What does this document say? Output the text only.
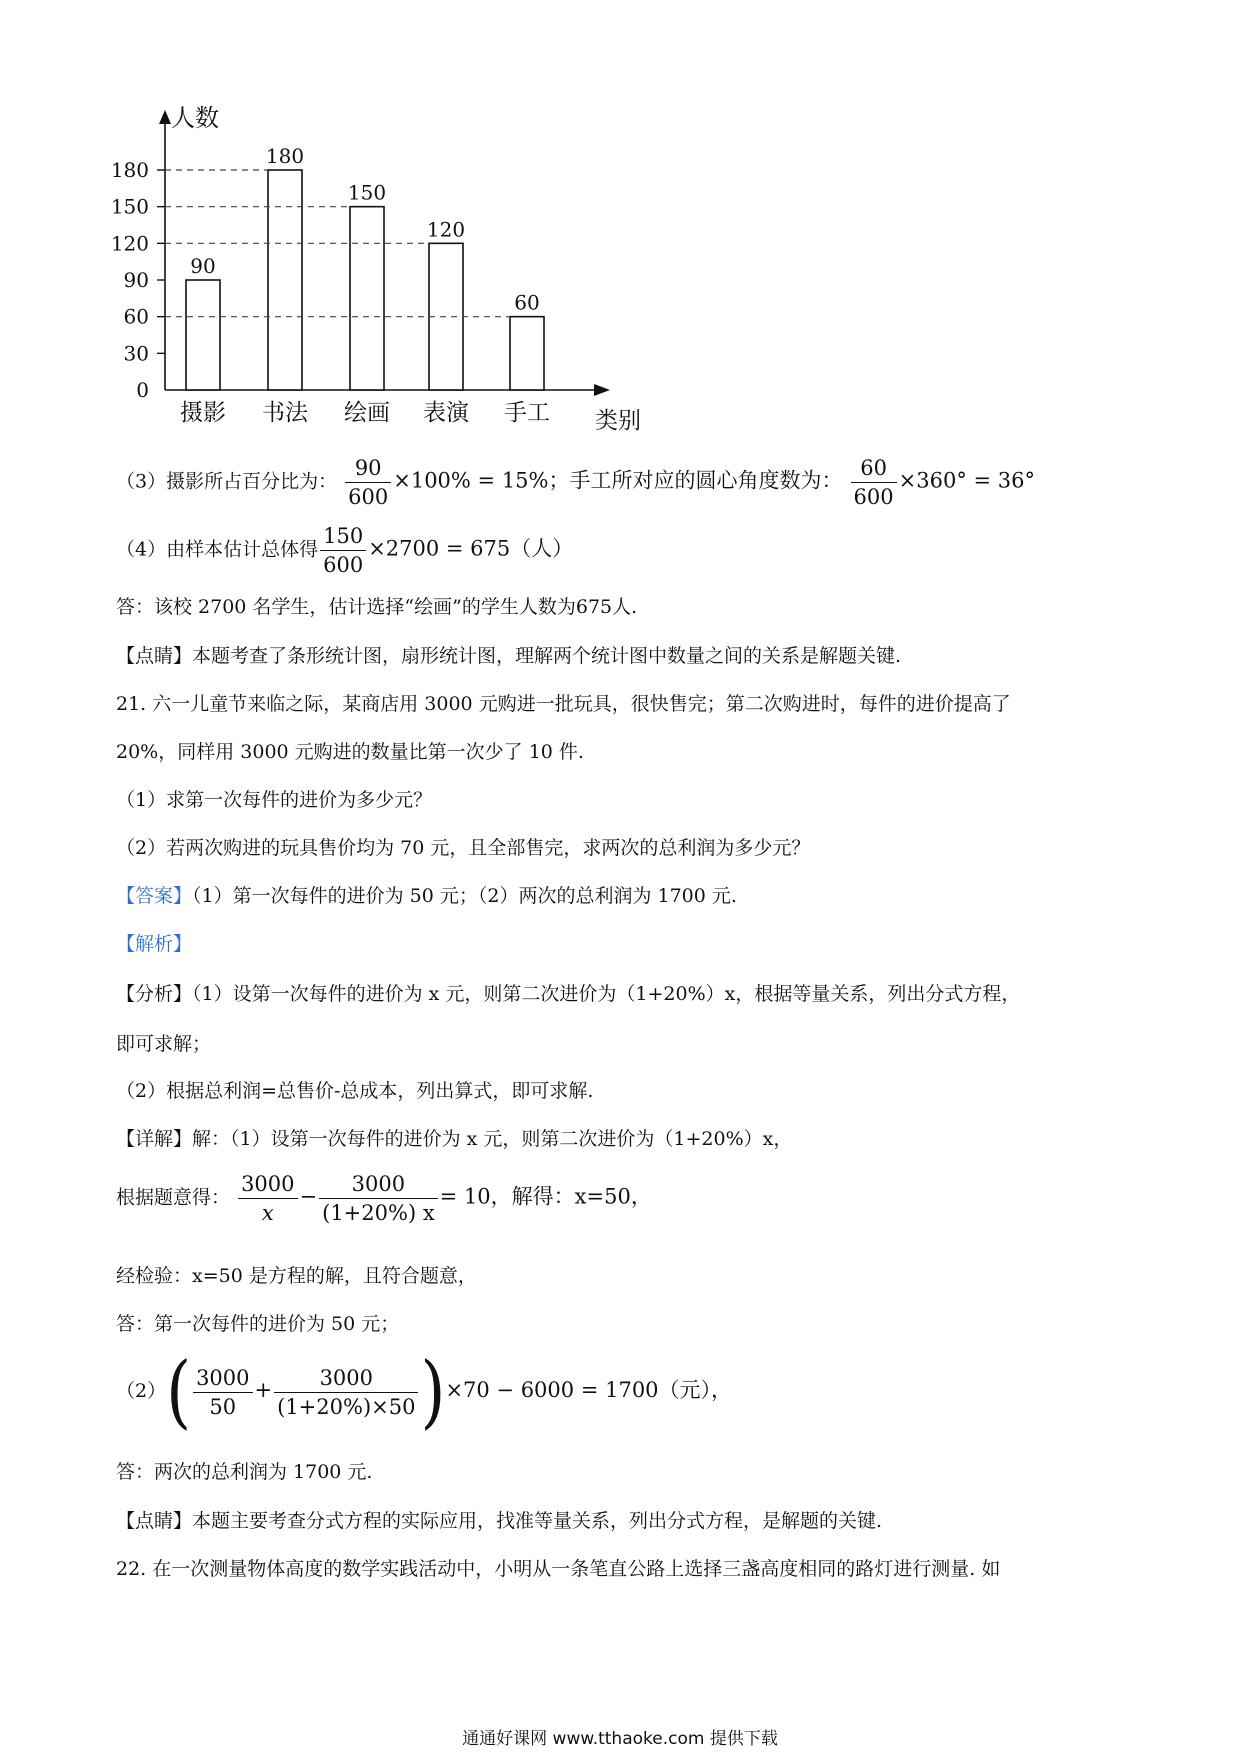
人数
类别
0
30
60
90
120
150
180
90
摄影
180
书法
150
绘画
120
表演
60
手工
（3）摄影所占百分比为： $\frac{90}{600} \times 100\% = 15\%$；手工所对应的圆心角度数为： $\frac{60}{600} \times 360^\circ = 36^\circ$
（4）由样本估计总体得 $\frac{150}{600} \times 2700 = 675$（人）
答：该校 2700 名学生，估计选择“绘画”的学生人数为675人.
【点睛】本题考查了条形统计图，扇形统计图，理解两个统计图中数量之间的关系是解题关键.
21. 六一儿童节来临之际，某商店用 3000 元购进一批玩具，很快售完；第二次购进时，每件的进价提高了
20%，同样用 3000 元购进的数量比第一次少了 10 件.
（1）求第一次每件的进价为多少元？
（2）若两次购进的玩具售价均为 70 元，且全部售完，求两次的总利润为多少元？
【答案】（1）第一次每件的进价为 50 元；（2）两次的总利润为 1700 元.
【解析】
【分析】（1）设第一次每件的进价为 x 元，则第二次进价为（1+20%）x，根据等量关系，列出分式方程，
即可求解；
（2）根据总利润=总售价-总成本，列出算式，即可求解.
【详解】解：（1）设第一次每件的进价为 x 元，则第二次进价为（1+20%）x，
根据题意得： $\frac{3000}{x} - \frac{3000}{(1+20\%) x} = 10$，解得：x=50，
经检验：x=50 是方程的解，且符合题意，
答：第一次每件的进价为 50 元；
$(2)( \frac{3000}{50} + \frac{3000}{(1+20\%)\times 50} )\times 70 - 6000 = 1700$（元），
答：两次的总利润为 1700 元.
【点睛】本题主要考查分式方程的实际应用，找准等量关系，列出分式方程，是解题的关键.
22. 在一次测量物体高度的数学实践活动中，小明从一条笔直公路上选择三盏高度相同的路灯进行测量. 如
通通好课网 www.tthaoke.com 提供下载
